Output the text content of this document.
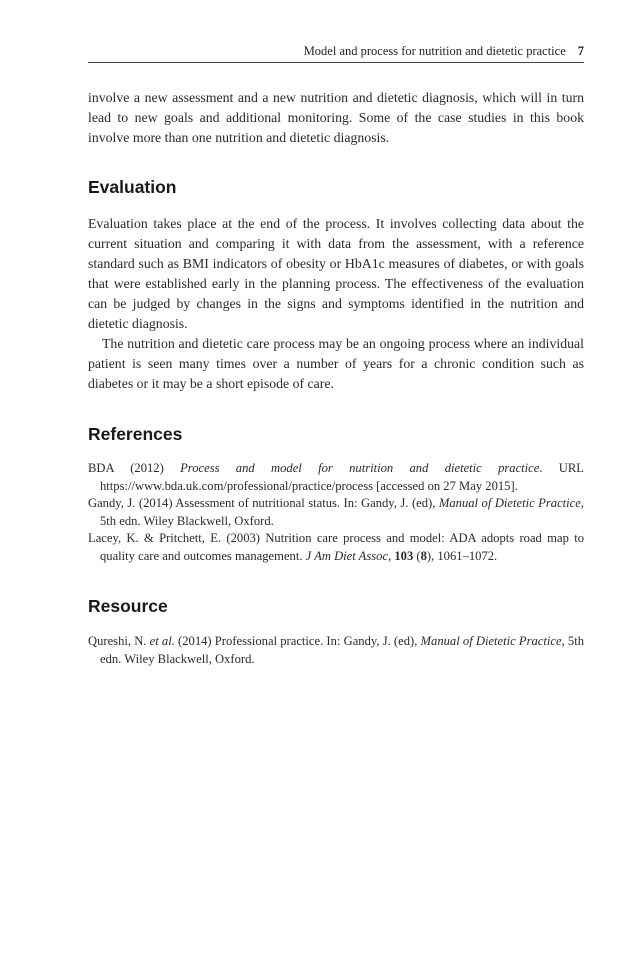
Model and process for nutrition and dietetic practice 7

involve a new assessment and a new nutrition and dietetic diagnosis, which will in turn lead to new goals and additional monitoring. Some of the case studies in this book involve more than one nutrition and dietetic diagnosis.

Evaluation

Evaluation takes place at the end of the process. It involves collecting data about the current situation and comparing it with data from the assessment, with a reference standard such as BMI indicators of obesity or HbA1c measures of diabetes, or with goals that were established early in the planning process. The effectiveness of the evaluation can be judged by changes in the signs and symptoms identified in the nutrition and dietetic diagnosis.

The nutrition and dietetic care process may be an ongoing process where an individual patient is seen many times over a number of years for a chronic condition such as diabetes or it may be a short episode of care.

References

BDA (2012) Process and model for nutrition and dietetic practice. URL https://www.bda.uk.com/professional/practice/process [accessed on 27 May 2015].

Gandy, J. (2014) Assessment of nutritional status. In: Gandy, J. (ed), Manual of Dietetic Practice, 5th edn. Wiley Blackwell, Oxford.

Lacey, K. & Pritchett, E. (2003) Nutrition care process and model: ADA adopts road map to quality care and outcomes management. J Am Diet Assoc, 103 (8), 1061–1072.

Resource

Qureshi, N. et al. (2014) Professional practice. In: Gandy, J. (ed), Manual of Dietetic Practice, 5th edn. Wiley Blackwell, Oxford.
